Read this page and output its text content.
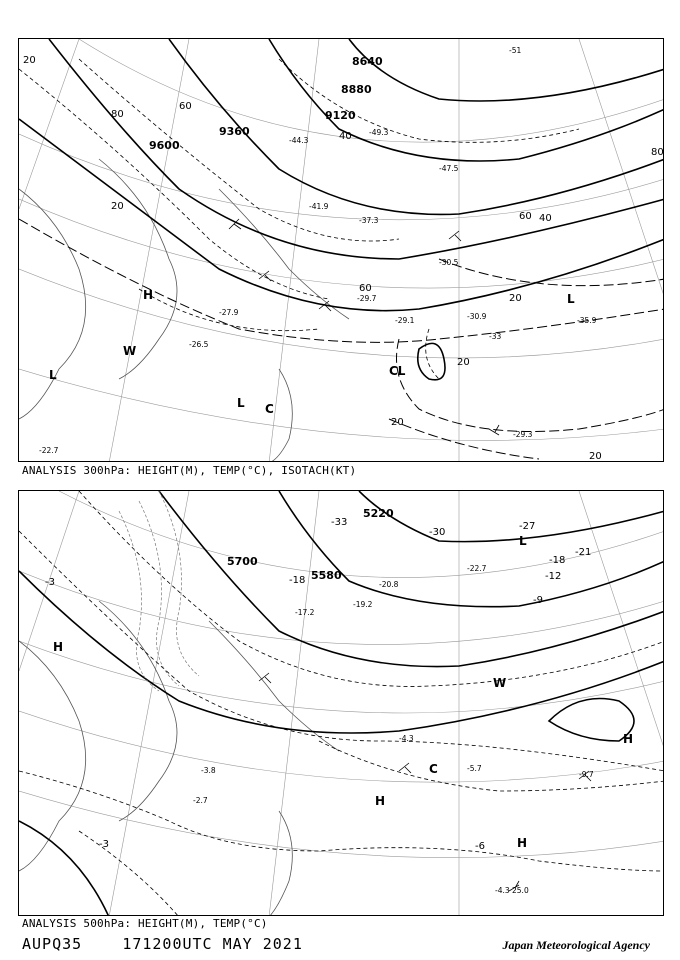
8640
8880
9120
9360
9600
20
80
60
20
60
60 40
20
20
20
20
80
40
-51
-49.3
-44.3
-41.9
-37.3
-30.5
-29.7
-29.1	-30.9	-35.9
-29.3
-22.7
-26.5
-27.9
-47.5
-33
H
L
L
L
CL
C
W
ANALYSIS 300hPa: HEIGHT(M), TEMP(°C), ISOTACH(KT)
5220
5580
5700
-3
-3	-6
-9
-12
-18
-18
-21
-27
-30
-33
-22.7
-17.2
-19.2
-20.8
-5.7
-4.3
-9.7
-3.8
-2.7
-4.3 25.0
H
H
H
H
L
C
W
ANALYSIS 500hPa: HEIGHT(M), TEMP(°C)
AUPQ35	171200UTC MAY 2021	Japan Meteorological Agency
